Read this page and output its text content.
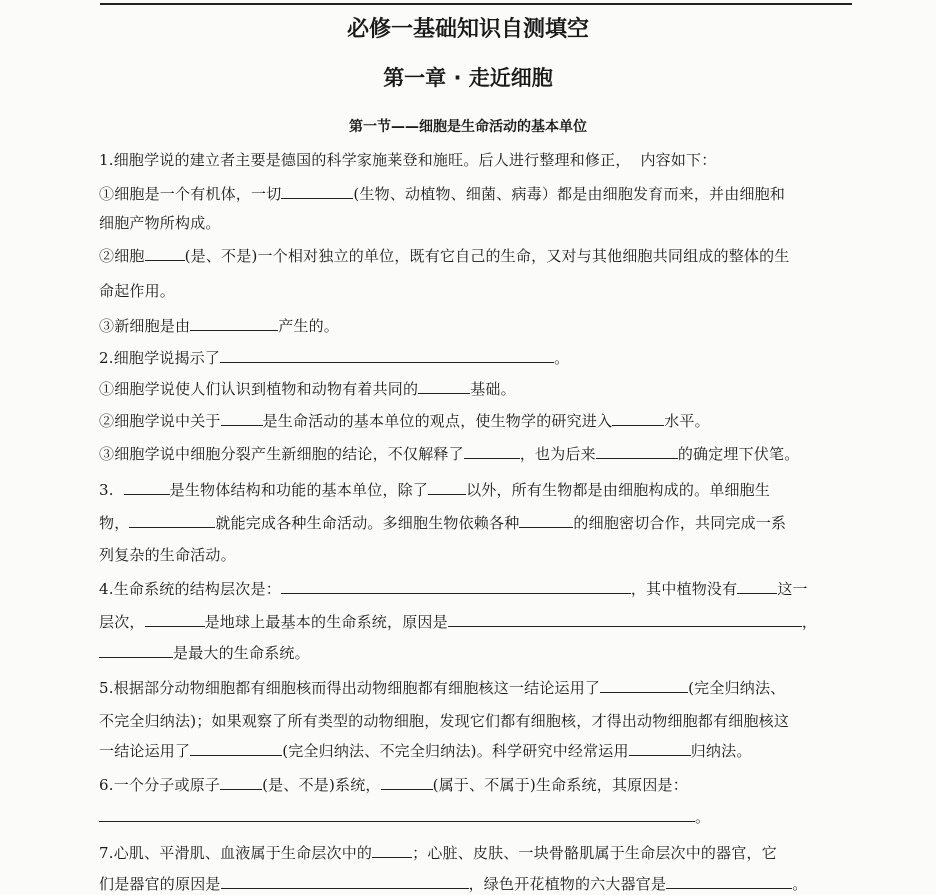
必修一基础知识自测填空
第一章 · 走近细胞
第一节——细胞是生命活动的基本单位
1.细胞学说的建立者主要是德国的科学家施莱登和施旺。后人进行整理和修正，  内容如下：
①细胞是一个有机体，一切	(生物、动植物、细菌、病毒）都是由细胞发育而来，并由细胞和
细胞产物所构成。
②细胞	(是、不是)一个相对独立的单位，既有它自己的生命，又对与其他细胞共同组成的整体的生
命起作用。
③新细胞是由	产生的。
2.细胞学说揭示了	。
①细胞学说使人们认识到植物和动物有着共同的	基础。
②细胞学说中关于	是生命活动的基本单位的观点，使生物学的研究进入	水平。
③细胞学说中细胞分裂产生新细胞的结论，不仅解释了	，也为后来	的确定埋下伏笔。
3.	是生物体结构和功能的基本单位，除了	以外，所有生物都是由细胞构成的。单细胞生
物，	就能完成各种生命活动。多细胞生物依赖各种	的细胞密切合作，共同完成一系
列复杂的生命活动。
4.生命系统的结构层次是：	，其中植物没有	这一
层次，	是地球上最基本的生命系统，原因是	，
是最大的生命系统。
5.根据部分动物细胞都有细胞核而得出动物细胞都有细胞核这一结论运用了	(完全归纳法、
不完全归纳法)；如果观察了所有类型的动物细胞，发现它们都有细胞核，才得出动物细胞都有细胞核这
一结论运用了	(完全归纳法、不完全归纳法)。科学研究中经常运用	归纳法。
6.一个分子或原子	(是、不是)系统，	(属于、不属于)生命系统，其原因是：
。
7.心肌、平滑肌、血液属于生命层次中的	；心脏、皮肤、一块骨骼肌属于生命层次中的器官，它
们是器官的原因是	，绿色开花植物的六大器官是	。
